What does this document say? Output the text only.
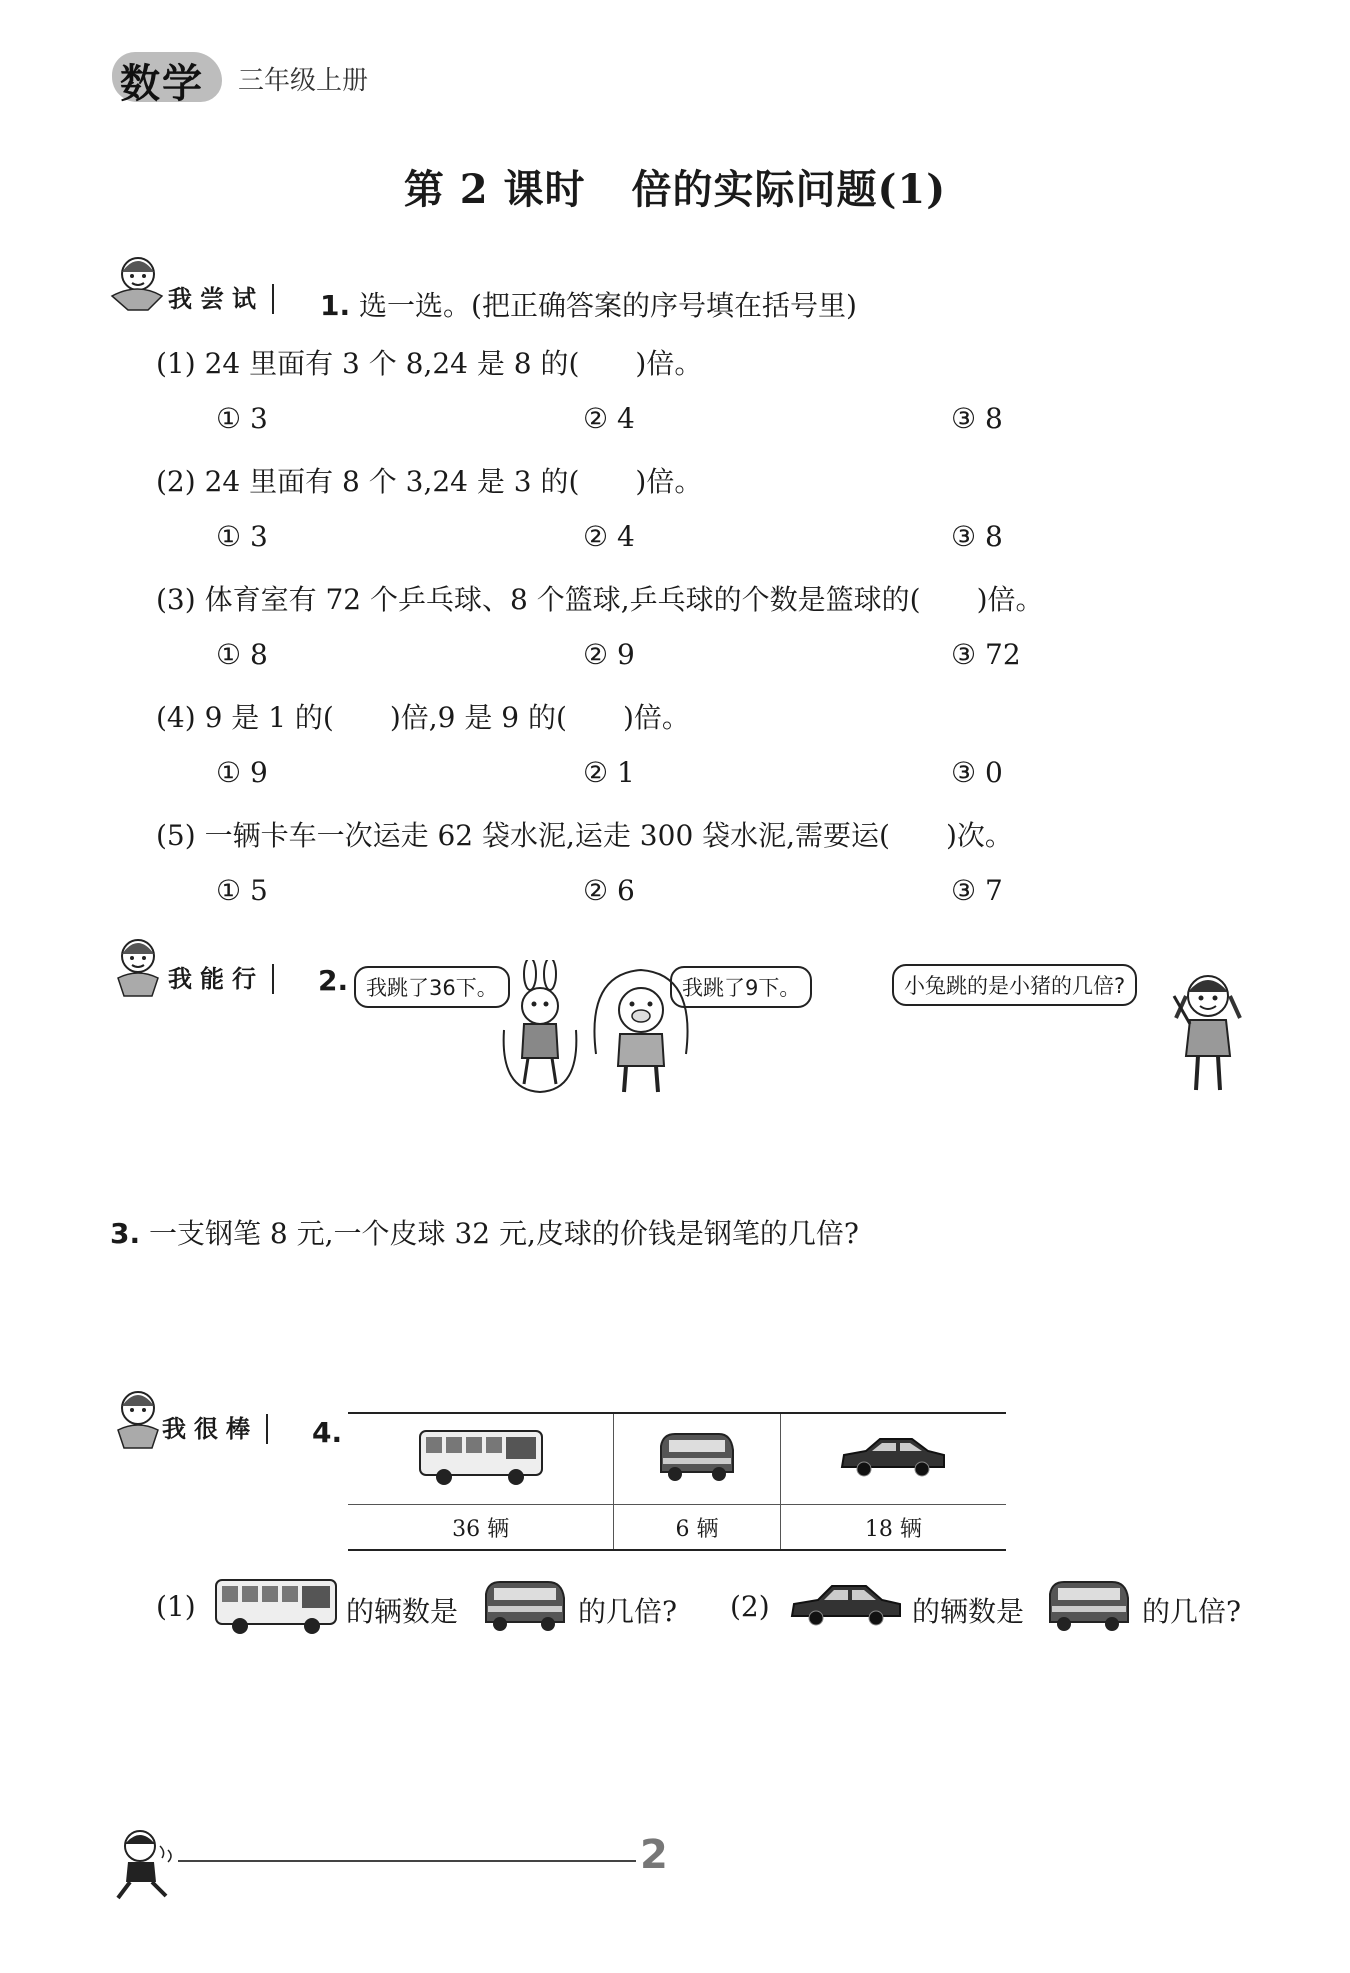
数学 三年级上册
第 2 课时 倍的实际问题(1)
我尝试	1. 选一选。(把正确答案的序号填在括号里)
(1) 24 里面有 3 个 8,24 是 8 的( )倍。
① 3	② 4	③ 8
(2) 24 里面有 8 个 3,24 是 3 的( )倍。
① 3	② 4	③ 8
(3) 体育室有 72 个乒乓球、8 个篮球,乒乓球的个数是篮球的( )倍。
① 8	② 9	③ 72
(4) 9 是 1 的( )倍,9 是 9 的( )倍。
① 9	② 1	③ 0
(5) 一辆卡车一次运走 62 袋水泥,运走 300 袋水泥,需要运( )次。
① 5	② 6	③ 7
我能行	2. 我跳了36下。	我跳了9下。	小兔跳的是小猪的几倍?
3. 一支钢笔 8 元,一个皮球 32 元,皮球的价钱是钢笔的几倍?
我很棒	4.

36 辆	6 辆	18 辆
(1)	的辆数是	的几倍? (2)	的辆数是	的几倍?
2
